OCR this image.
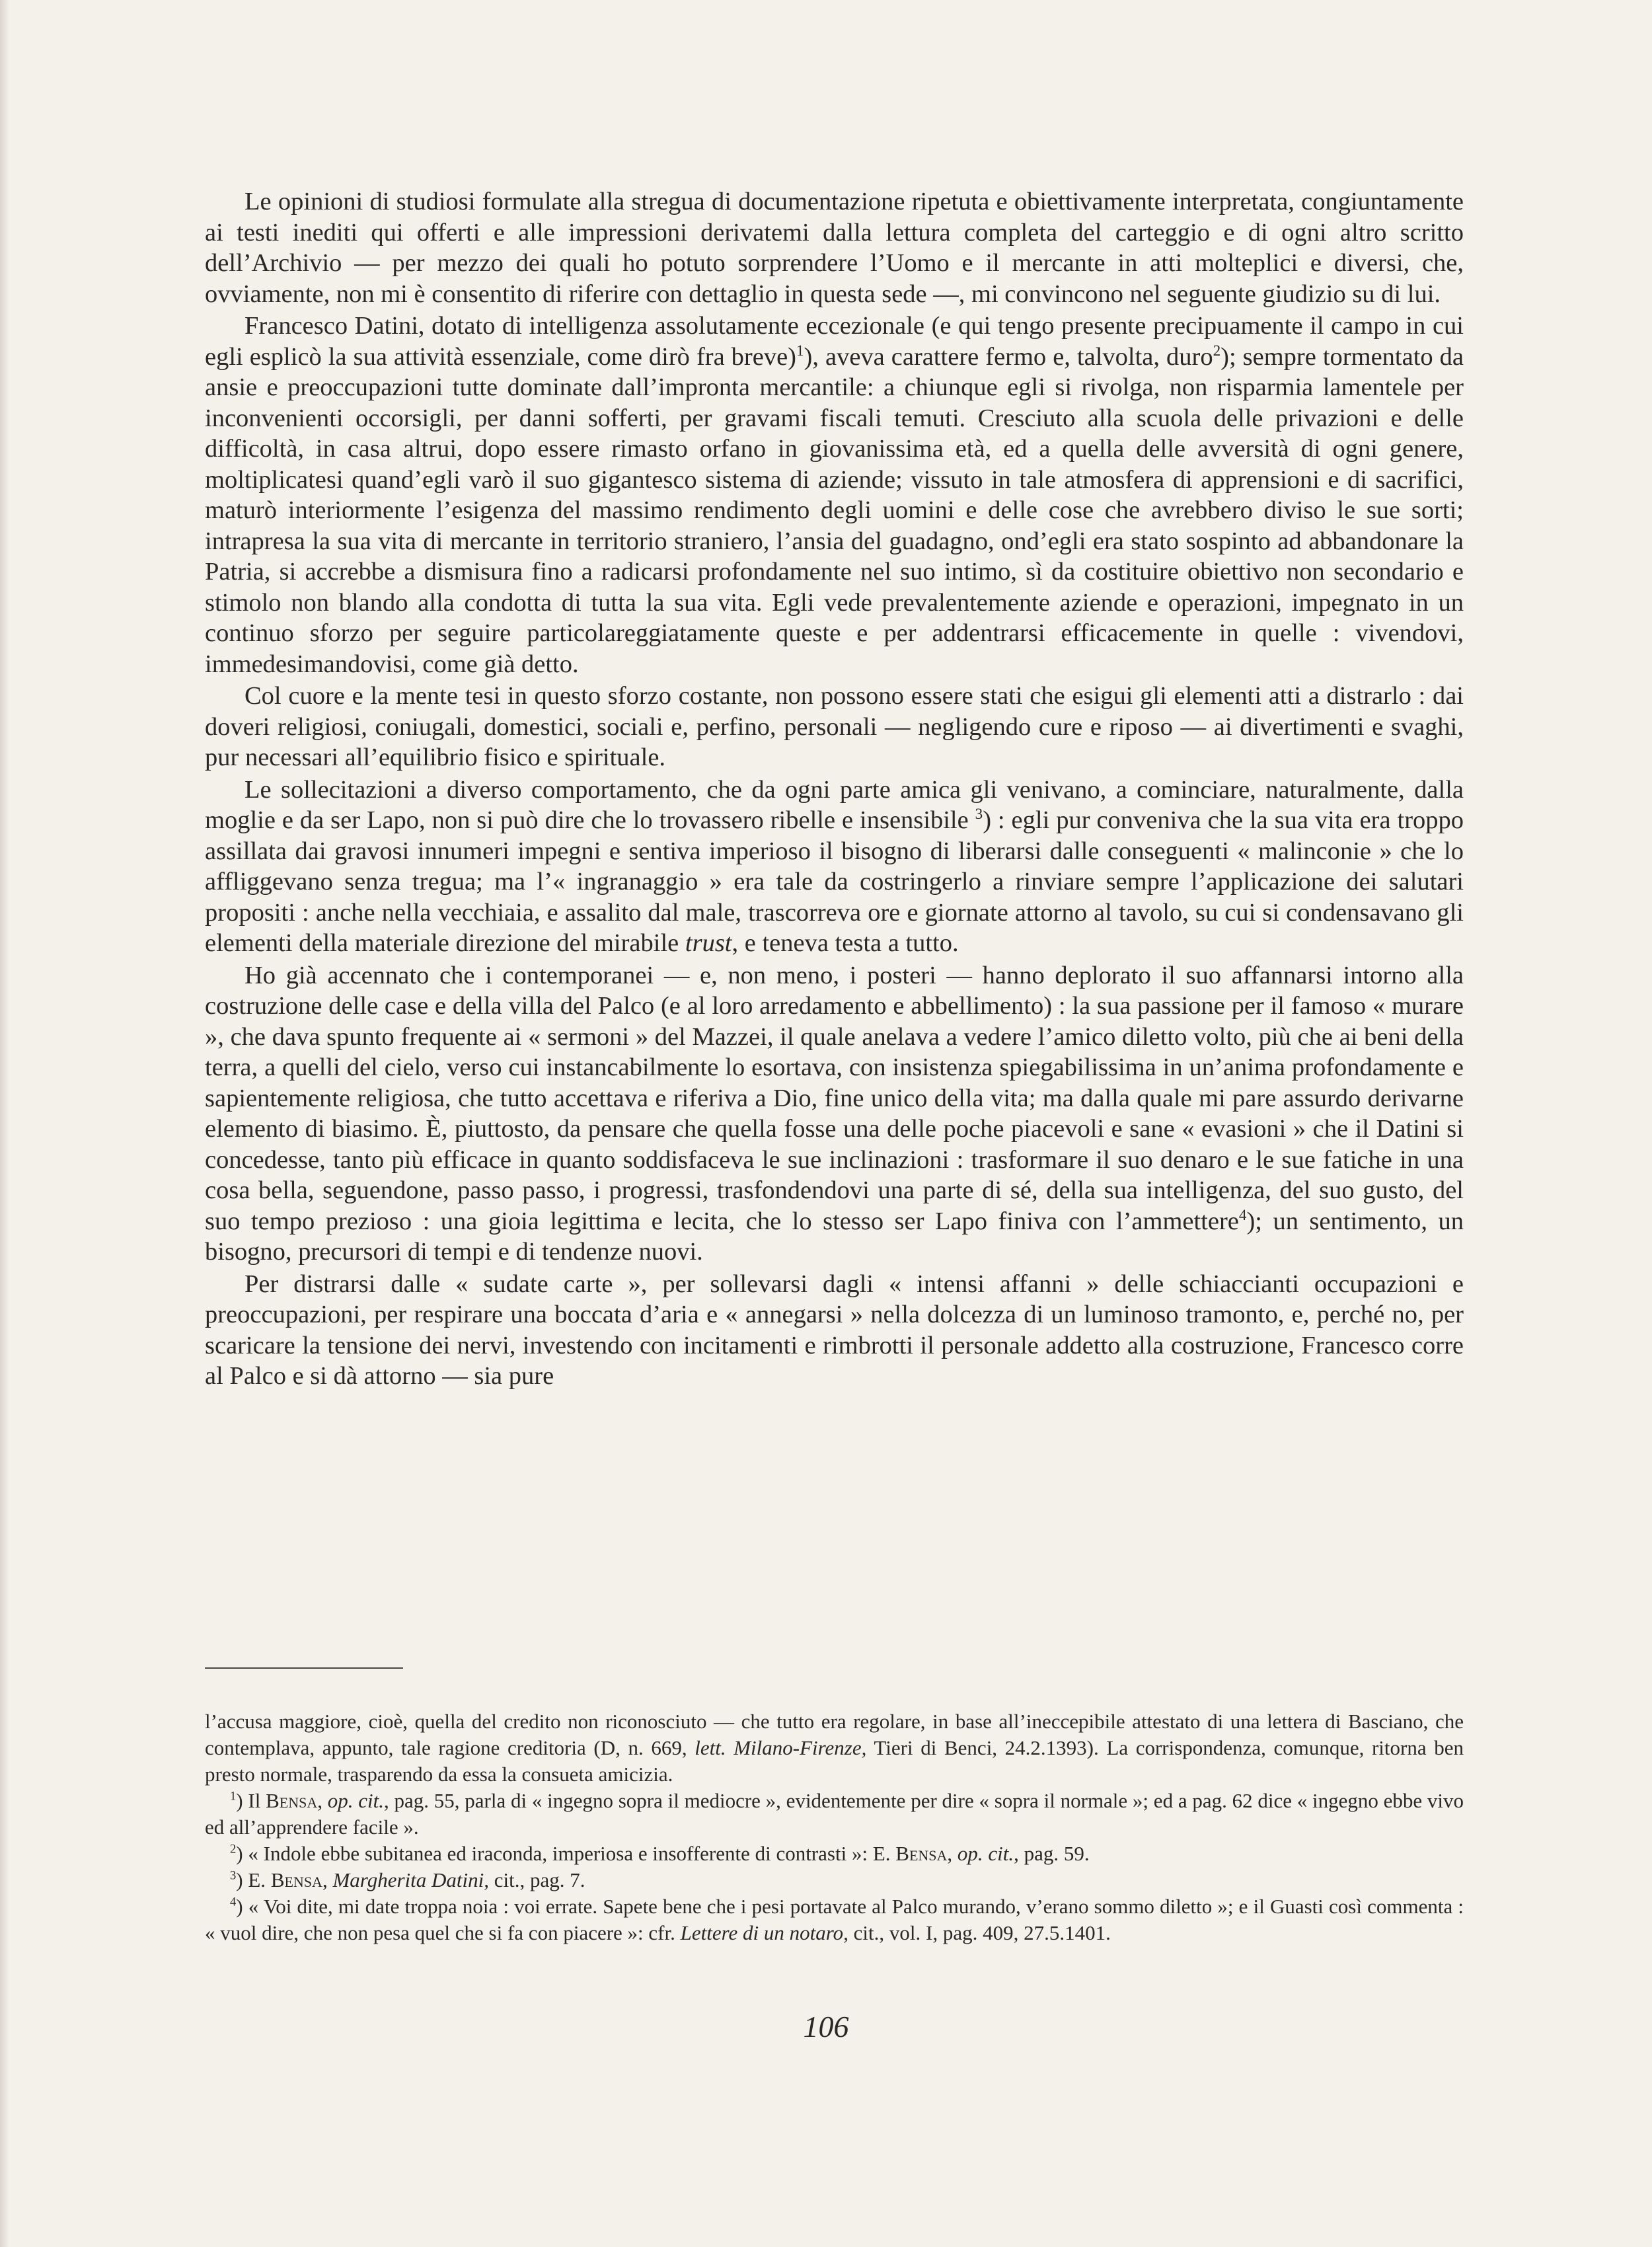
Le opinioni di studiosi formulate alla stregua di documentazione ripetuta e obiettivamente interpretata, congiuntamente ai testi inediti qui offerti e alle impressioni derivatemi dalla lettura completa del carteggio e di ogni altro scritto dell’Archivio — per mezzo dei quali ho potuto sorprendere l’Uomo e il mercante in atti molteplici e diversi, che, ovviamente, non mi è consentito di riferire con dettaglio in questa sede —, mi convincono nel seguente giudizio su di lui.

Francesco Datini, dotato di intelligenza assolutamente eccezionale (e qui tengo presente precipuamente il campo in cui egli esplicò la sua attività essenziale, come dirò fra breve)$^1$), aveva carattere fermo e, talvolta, duro$^2$); sempre tormentato da ansie e preoccupazioni tutte dominate dall’impronta mercantile: a chiunque egli si rivolga, non risparmia lamentele per inconvenienti occorsigli, per danni sofferti, per gravami fiscali temuti. Cresciuto alla scuola delle privazioni e delle difficoltà, in casa altrui, dopo essere rimasto orfano in giovanissima età, ed a quella delle avversità di ogni genere, moltiplicatesi quand’egli varò il suo gigantesco sistema di aziende; vissuto in tale atmosfera di apprensioni e di sacrifici, maturò interiormente l’esigenza del massimo rendimento degli uomini e delle cose che avrebbero diviso le sue sorti; intrapresa la sua vita di mercante in territorio straniero, l’ansia del guadagno, ond’egli era stato sospinto ad abbandonare la Patria, si accrebbe a dismisura fino a radicarsi profondamente nel suo intimo, sì da costituire obiettivo non secondario e stimolo non blando alla condotta di tutta la sua vita. Egli vede prevalentemente aziende e operazioni, impegnato in un continuo sforzo per seguire particolareggiatamente queste e per addentrarsi efficacemente in quelle : vivendovi, immedesimandovisi, come già detto.

Col cuore e la mente tesi in questo sforzo costante, non possono essere stati che esigui gli elementi atti a distrarlo : dai doveri religiosi, coniugali, domestici, sociali e, perfino, personali — negligendo cure e riposo — ai divertimenti e svaghi, pur necessari all’equilibrio fisico e spirituale.

Le sollecitazioni a diverso comportamento, che da ogni parte amica gli venivano, a cominciare, naturalmente, dalla moglie e da ser Lapo, non si può dire che lo trovassero ribelle e insensibile $^3$) : egli pur conveniva che la sua vita era troppo assillata dai gravosi innumeri impegni e sentiva imperioso il bisogno di liberarsi dalle conseguenti « malinconie » che lo affliggevano senza tregua; ma l’« ingranaggio » era tale da costringerlo a rinviare sempre l’applicazione dei salutari propositi : anche nella vecchiaia, e assalito dal male, trascorreva ore e giornate attorno al tavolo, su cui si condensavano gli elementi della materiale direzione del mirabile trust, e teneva testa a tutto.

Ho già accennato che i contemporanei — e, non meno, i posteri — hanno deplorato il suo affannarsi intorno alla costruzione delle case e della villa del Palco (e al loro arredamento e abbellimento) : la sua passione per il famoso « murare », che dava spunto frequente ai « sermoni » del Mazzei, il quale anelava a vedere l’amico diletto volto, più che ai beni della terra, a quelli del cielo, verso cui instancabilmente lo esortava, con insistenza spiegabilissima in un’anima profondamente e sapientemente religiosa, che tutto accettava e riferiva a Dio, fine unico della vita; ma dalla quale mi pare assurdo derivarne elemento di biasimo. È, piuttosto, da pensare che quella fosse una delle poche piacevoli e sane « evasioni » che il Datini si concedesse, tanto più efficace in quanto soddisfaceva le sue inclinazioni : trasformare il suo denaro e le sue fatiche in una cosa bella, seguendone, passo passo, i progressi, trasfondendovi una parte di sé, della sua intelligenza, del suo gusto, del suo tempo prezioso : una gioia legittima e lecita, che lo stesso ser Lapo finiva con l’ammettere$^4$); un sentimento, un bisogno, precursori di tempi e di tendenze nuovi.

Per distrarsi dalle « sudate carte », per sollevarsi dagli « intensi affanni » delle schiaccianti occupazioni e preoccupazioni, per respirare una boccata d’aria e « annegarsi » nella dolcezza di un luminoso tramonto, e, perché no, per scaricare la tensione dei nervi, investendo con incitamenti e rimbrotti il personale addetto alla costruzione, Francesco corre al Palco e si dà attorno — sia pure

l’accusa maggiore, cioè, quella del credito non riconosciuto — che tutto era regolare, in base all’ineccepibile attestato di una lettera di Basciano, che contemplava, appunto, tale ragione creditoria (D, n. 669, lett. Milano-Firenze, Tieri di Benci, 24.2.1393). La corrispondenza, comunque, ritorna ben presto normale, trasparendo da essa la consueta amicizia.

$^1$) Il Bensa, op. cit., pag. 55, parla di « ingegno sopra il mediocre », evidentemente per dire « sopra il normale »; ed a pag. 62 dice « ingegno ebbe vivo ed all’apprendere facile ».

$^2$) « Indole ebbe subitanea ed iraconda, imperiosa e insofferente di contrasti »: E. Bensa, op. cit., pag. 59.

$^3$) E. Bensa, Margherita Datini, cit., pag. 7.

$^4$) « Voi dite, mi date troppa noia : voi errate. Sapete bene che i pesi portavate al Palco murando, v’erano sommo diletto »; e il Guasti così commenta : « vuol dire, che non pesa quel che si fa con piacere »: cfr. Lettere di un notaro, cit., vol. I, pag. 409, 27.5.1401.

106
